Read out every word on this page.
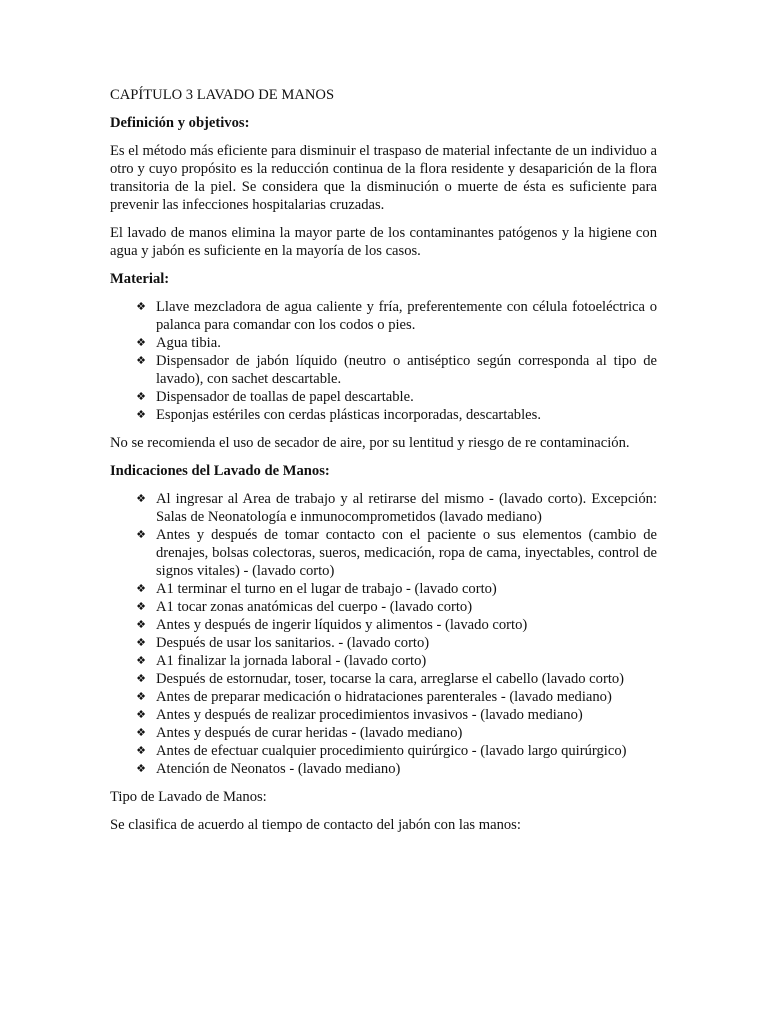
CAPÍTULO 3 LAVADO DE MANOS

Definición y objetivos:

Es el método más eficiente para disminuir el traspaso de material infectante de un individuo a otro y cuyo propósito es la reducción continua de la flora residente y desaparición de la flora transitoria de la piel. Se considera que la disminución o muerte de ésta es suficiente para prevenir las infecciones hospitalarias cruzadas.

El lavado de manos elimina la mayor parte de los contaminantes patógenos y la higiene con agua y jabón es suficiente en la mayoría de los casos.

Material:

❖ Llave mezcladora de agua caliente y fría, preferentemente con célula fotoeléctrica o palanca para comandar con los codos o pies.
❖ Agua tibia.
❖ Dispensador de jabón líquido (neutro o antiséptico según corresponda al tipo de lavado), con sachet descartable.
❖ Dispensador de toallas de papel descartable.
❖ Esponjas estériles con cerdas plásticas incorporadas, descartables.

No se recomienda el uso de secador de aire, por su lentitud y riesgo de re contaminación.

Indicaciones del Lavado de Manos:

❖ Al ingresar al Area de trabajo y al retirarse del mismo - (lavado corto). Excepción: Salas de Neonatología e inmunocomprometidos (lavado mediano)
❖ Antes y después de tomar contacto con el paciente o sus elementos (cambio de drenajes, bolsas colectoras, sueros, medicación, ropa de cama, inyectables, control de signos vitales) - (lavado corto)
❖ A1 terminar el turno en el lugar de trabajo - (lavado corto)
❖ A1 tocar zonas anatómicas del cuerpo - (lavado corto)
❖ Antes y después de ingerir líquidos y alimentos - (lavado corto)
❖ Después de usar los sanitarios. - (lavado corto)
❖ A1 finalizar la jornada laboral - (lavado corto)
❖ Después de estornudar, toser, tocarse la cara, arreglarse el cabello (lavado corto)
❖ Antes de preparar medicación o hidrataciones parenterales - (lavado mediano)
❖ Antes y después de realizar procedimientos invasivos - (lavado mediano)
❖ Antes y después de curar heridas - (lavado mediano)
❖ Antes de efectuar cualquier procedimiento quirúrgico - (lavado largo quirúrgico)
❖ Atención de Neonatos - (lavado mediano)

Tipo de Lavado de Manos:

Se clasifica de acuerdo al tiempo de contacto del jabón con las manos:
